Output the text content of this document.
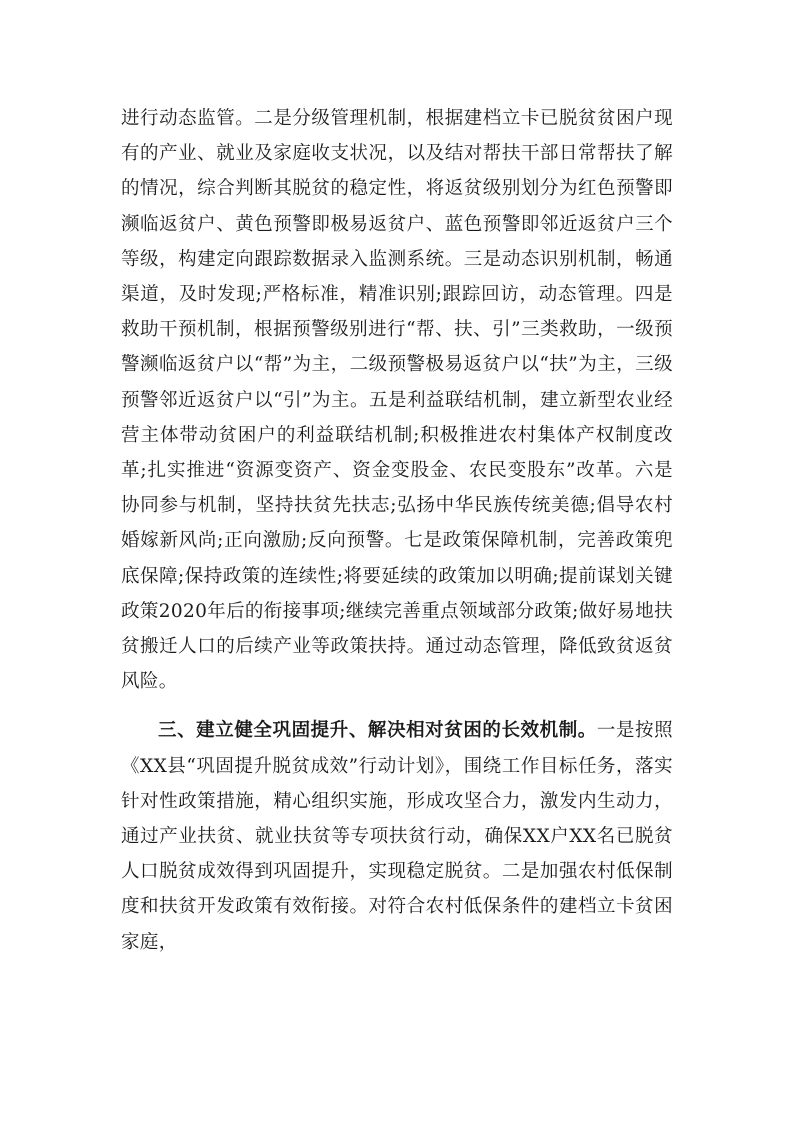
进行动态监管。二是分级管理机制，根据建档立卡已脱贫贫困户现有的产业、就业及家庭收支状况，以及结对帮扶干部日常帮扶了解的情况，综合判断其脱贫的稳定性，将返贫级别划分为红色预警即濒临返贫户、黄色预警即极易返贫户、蓝色预警即邻近返贫户三个等级，构建定向跟踪数据录入监测系统。三是动态识别机制，畅通渠道，及时发现;严格标准，精准识别;跟踪回访，动态管理。四是救助干预机制，根据预警级别进行“帮、扶、引”三类救助，一级预警濒临返贫户以“帮”为主，二级预警极易返贫户以“扶”为主，三级预警邻近返贫户以“引”为主。五是利益联结机制，建立新型农业经营主体带动贫困户的利益联结机制;积极推进农村集体产权制度改革;扎实推进“资源变资产、资金变股金、农民变股东”改革。六是协同参与机制，坚持扶贫先扶志;弘扬中华民族传统美德;倡导农村婚嫁新风尚;正向激励;反向预警。七是政策保障机制，完善政策兜底保障;保持政策的连续性;将要延续的政策加以明确;提前谋划关键政策2020年后的衔接事项;继续完善重点领域部分政策;做好易地扶贫搬迁人口的后续产业等政策扶持。通过动态管理，降低致贫返贫风险。

三、建立健全巩固提升、解决相对贫困的长效机制。一是按照《XX县“巩固提升脱贫成效”行动计划》，围绕工作目标任务，落实针对性政策措施，精心组织实施，形成攻坚合力，激发内生动力，通过产业扶贫、就业扶贫等专项扶贫行动，确保XX户XX名已脱贫人口脱贫成效得到巩固提升，实现稳定脱贫。二是加强农村低保制度和扶贫开发政策有效衔接。对符合农村低保条件的建档立卡贫困家庭，
